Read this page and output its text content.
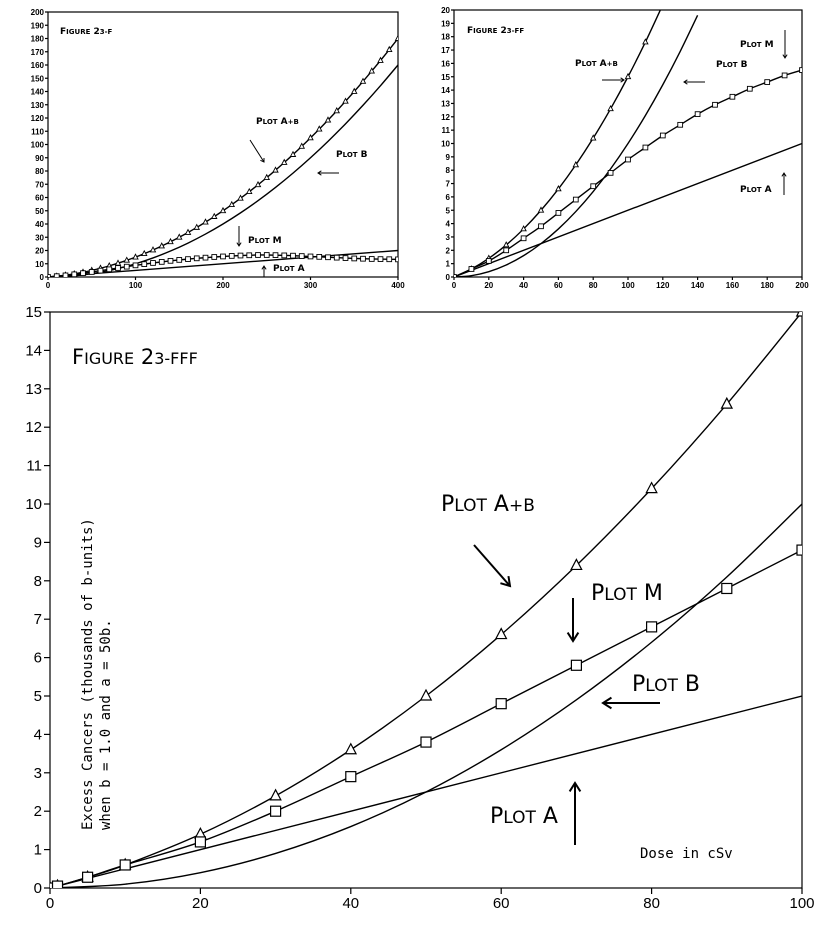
0	100	200	300	400
0
10
20
30
40
50
60
70
80
90
100
110
120
130
140
150
160
170
180
190
200
FIGURE 23-F
PLOT A+B
PLOT B
PLOT M
PLOT A
0	20	40	60	80	100	120	140	160	180	200
0
1
2
3
4
5
6
7
8
9
10
11
12
13
14
15
16
17
18
19
20
FIGURE 23-FF
PLOT A+B	PLOT B
PLOT M
PLOT A
0	20	40	60	80	100
0
1
2
3
4
5
6
7
8
9
10
11
12
13
14
15
FIGURE 23-FFF
PLOT A+B
PLOT M
PLOT B
PLOT A
Dose in cSv
Excess Cancers (thousands of b-units) when b = 1.0 and a = 50b.
